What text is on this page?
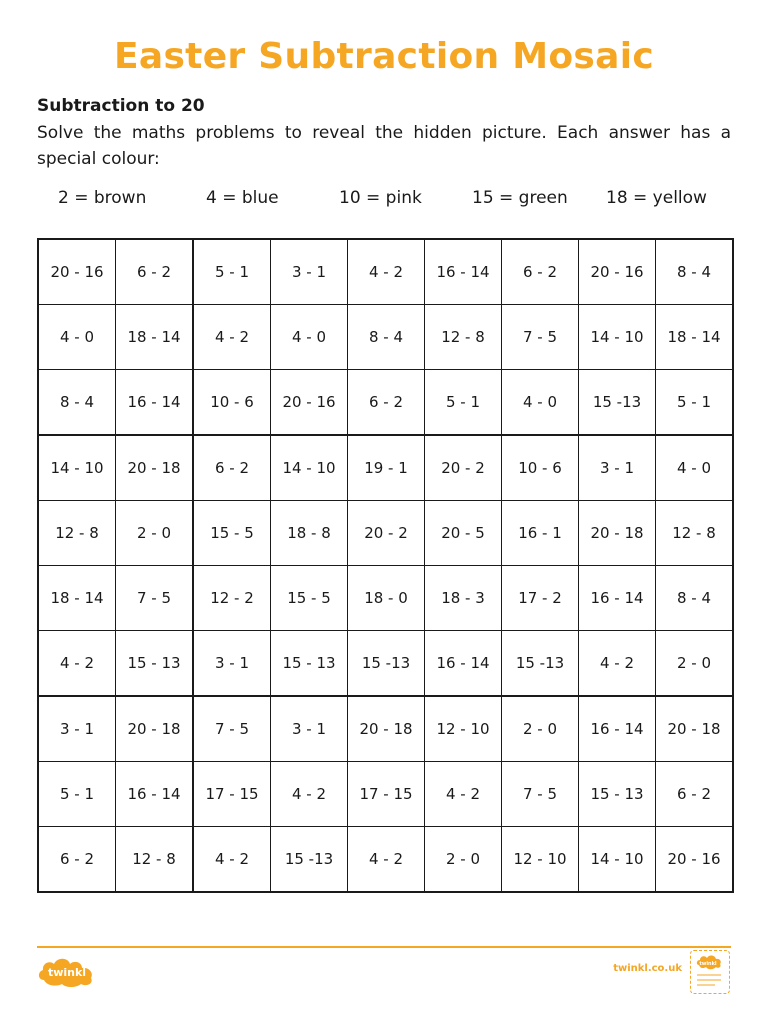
Easter Subtraction Mosaic
Subtraction to 20
Solve the maths problems to reveal the hidden picture. Each answer has a special colour:
2 = brown	4 = blue	10 = pink	15 = green 18 = yellow
20 - 16	6 - 2	5 - 1	3 - 1	4 - 2	16 - 14	6 - 2	20 - 16	8 - 4
4 - 0	18 - 14	4 - 2	4 - 0	8 - 4	12 - 8	7 - 5	14 - 10	18 - 14
8 - 4	16 - 14	10 - 6	20 - 16	6 - 2	5 - 1	4 - 0	15 -13	5 - 1
14 - 10	20 - 18	6 - 2	14 - 10	19 - 1	20 - 2	10 - 6	3 - 1	4 - 0
12 - 8	2 - 0	15 - 5	18 - 8	20 - 2	20 - 5	16 - 1	20 - 18	12 - 8
18 - 14	7 - 5	12 - 2	15 - 5	18 - 0	18 - 3	17 - 2	16 - 14	8 - 4
4 - 2	15 - 13	3 - 1	15 - 13	15 -13	16 - 14	15 -13	4 - 2	2 - 0
3 - 1	20 - 18	7 - 5	3 - 1	20 - 18	12 - 10	2 - 0	16 - 14	20 - 18
5 - 1	16 - 14	17 - 15	4 - 2	17 - 15	4 - 2	7 - 5	15 - 13	6 - 2
6 - 2	12 - 8	4 - 2	15 -13	4 - 2	2 - 0	12 - 10	14 - 10	20 - 16
twinkl	twinkl.co.uk	twinkl
